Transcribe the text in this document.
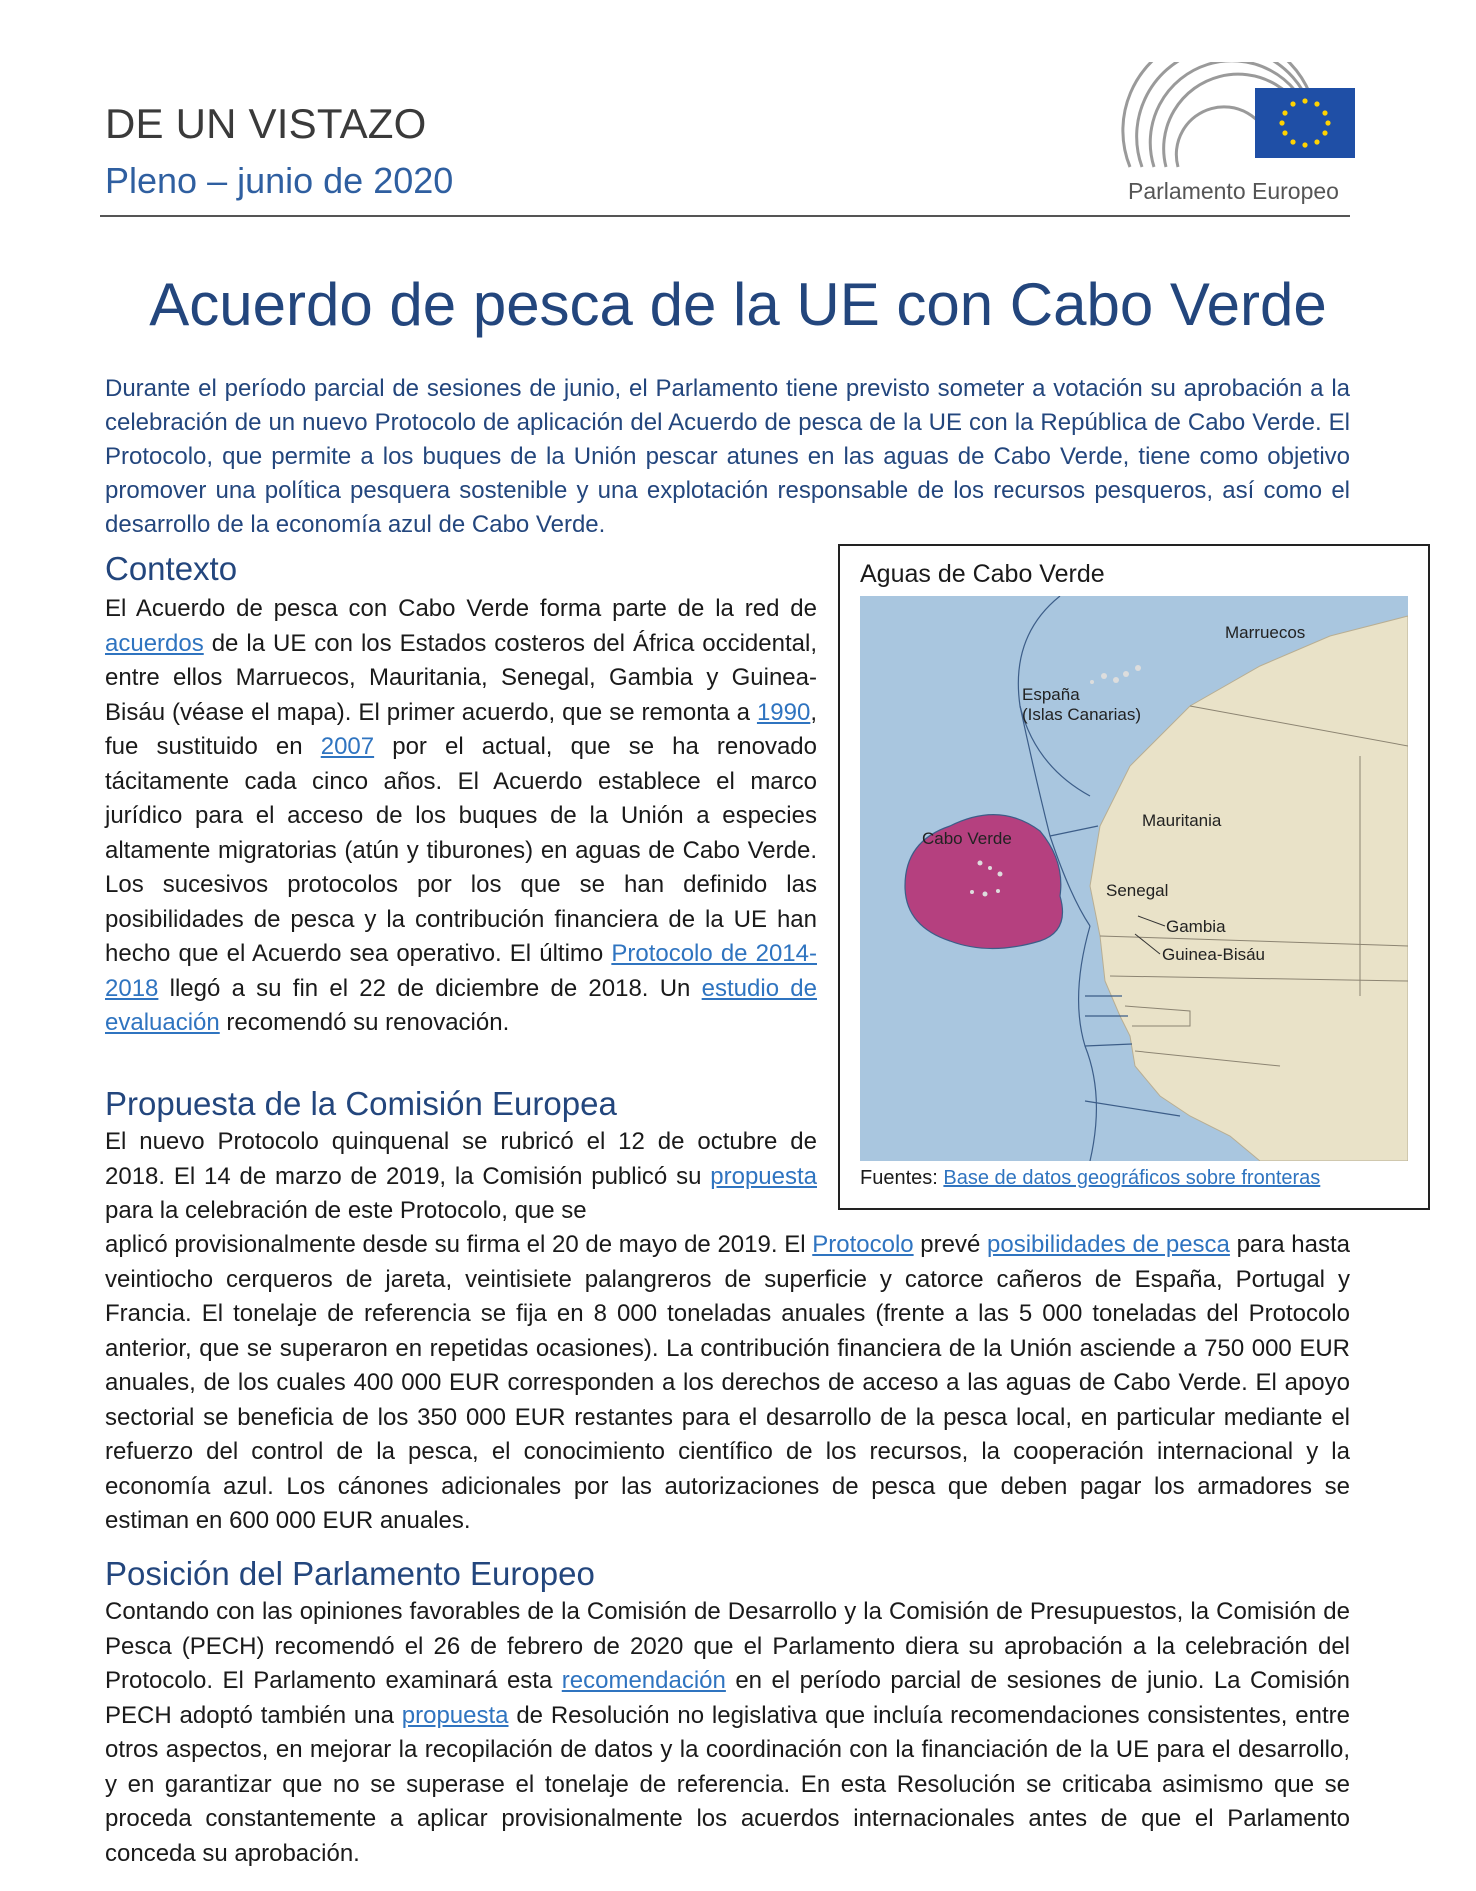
DE UN VISTAZO
Pleno – junio de 2020	Parlamento Europeo
Acuerdo de pesca de la UE con Cabo Verde
Durante el período parcial de sesiones de junio, el Parlamento tiene previsto someter a votación su aprobación a la celebración de un nuevo Protocolo de aplicación del Acuerdo de pesca de la UE con la República de Cabo Verde. El Protocolo, que permite a los buques de la Unión pescar atunes en las aguas de Cabo Verde, tiene como objetivo promover una política pesquera sostenible y una explotación responsable de los recursos pesqueros, así como el desarrollo de la economía azul de Cabo Verde.
Contexto
El Acuerdo de pesca con Cabo Verde forma parte de la red de acuerdos de la UE con los Estados costeros del África occidental, entre ellos Marruecos, Mauritania, Senegal, Gambia y Guinea-Bisáu (véase el mapa). El primer acuerdo, que se remonta a 1990, fue sustituido en 2007 por el actual, que se ha renovado tácitamente cada cinco años. El Acuerdo establece el marco jurídico para el acceso de los buques de la Unión a especies altamente migratorias (atún y tiburones) en aguas de Cabo Verde. Los sucesivos protocolos por los que se han definido las posibilidades de pesca y la contribución financiera de la UE han hecho que el Acuerdo sea operativo. El último Protocolo de 2014-2018 llegó a su fin el 22 de diciembre de 2018. Un estudio de evaluación recomendó su renovación.
Propuesta de la Comisión Europea
El nuevo Protocolo quinquenal se rubricó el 12 de octubre de 2018. El 14 de marzo de 2019, la Comisión publicó su propuesta para la celebración de este Protocolo, que se
aplicó provisionalmente desde su firma el 20 de mayo de 2019. El Protocolo prevé posibilidades de pesca para hasta veintiocho cerqueros de jareta, veintisiete palangreros de superficie y catorce cañeros de España, Portugal y Francia. El tonelaje de referencia se fija en 8 000 toneladas anuales (frente a las 5 000 toneladas del Protocolo anterior, que se superaron en repetidas ocasiones). La contribución financiera de la Unión asciende a 750 000 EUR anuales, de los cuales 400 000 EUR corresponden a los derechos de acceso a las aguas de Cabo Verde. El apoyo sectorial se beneficia de los 350 000 EUR restantes para el desarrollo de la pesca local, en particular mediante el refuerzo del control de la pesca, el conocimiento científico de los recursos, la cooperación internacional y la economía azul. Los cánones adicionales por las autorizaciones de pesca que deben pagar los armadores se estiman en 600 000 EUR anuales.
Posición del Parlamento Europeo
Contando con las opiniones favorables de la Comisión de Desarrollo y la Comisión de Presupuestos, la Comisión de Pesca (PECH) recomendó el 26 de febrero de 2020 que el Parlamento diera su aprobación a la celebración del Protocolo. El Parlamento examinará esta recomendación en el período parcial de sesiones de junio. La Comisión PECH adoptó también una propuesta de Resolución no legislativa que incluía recomendaciones consistentes, entre otros aspectos, en mejorar la recopilación de datos y la coordinación con la financiación de la UE para el desarrollo, y en garantizar que no se superase el tonelaje de referencia. En esta Resolución se criticaba asimismo que se proceda constantemente a aplicar provisionalmente los acuerdos internacionales antes de que el Parlamento conceda su aprobación.
Aguas de Cabo Verde
Marruecos
España
(Islas Canarias)
Mauritania
Cabo Verde
Senegal
Gambia
Guinea-Bisáu
Fuentes: Base de datos geográficos sobre fronteras
